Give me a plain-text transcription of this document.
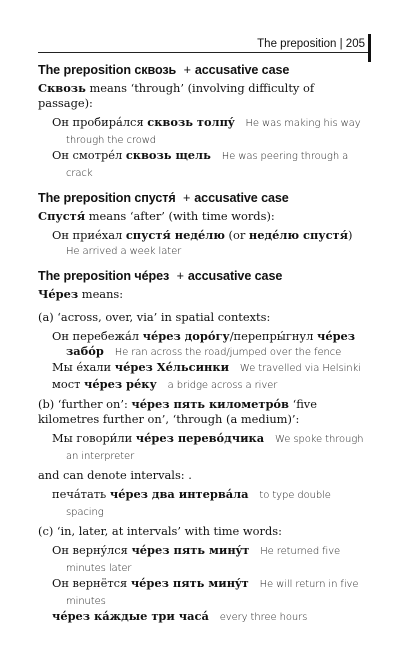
The preposition | 205

The preposition сквозь + accusative case

Сквозь means ‘through’ (involving difficulty of passage):

Он пробирáлся сквозь толпý He was making his way through the crowd

Он смотрéл сквозь щель He was peering through a crack

The preposition спустя́ + accusative case

Спустя́ means ‘after’ (with time words):

Он приéхал спустя́ недéлю (or недéлю спустя́)   He arrived a week later

The preposition чéрез + accusative case

Чéрез means:

(a) ‘across, over, via’ in spatial contexts:

Он перебежáл чéрез дорóгу/перепры́гнул чéрез забóр He ran across the road/jumped over the fence

Мы éхали чéрез Хéльсинки We travelled via Helsinki

мост чéрез рéку a bridge across a river

(b) ‘further on’: чéрез пять километрóв ‘five kilometres further on’, ‘through (a medium)’:

Мы говори́ли чéрез перевóдчика We spoke through an interpreter

and can denote intervals: .

печáтать чéрез два интервáла to type double spacing

(c) ‘in, later, at intervals’ with time words:

Он вернýлся чéрез пять минýт He returned five minutes later

Он вернётся чéрез пять минýт He will return in five minutes

чéрез кáждые три часá every three hours
